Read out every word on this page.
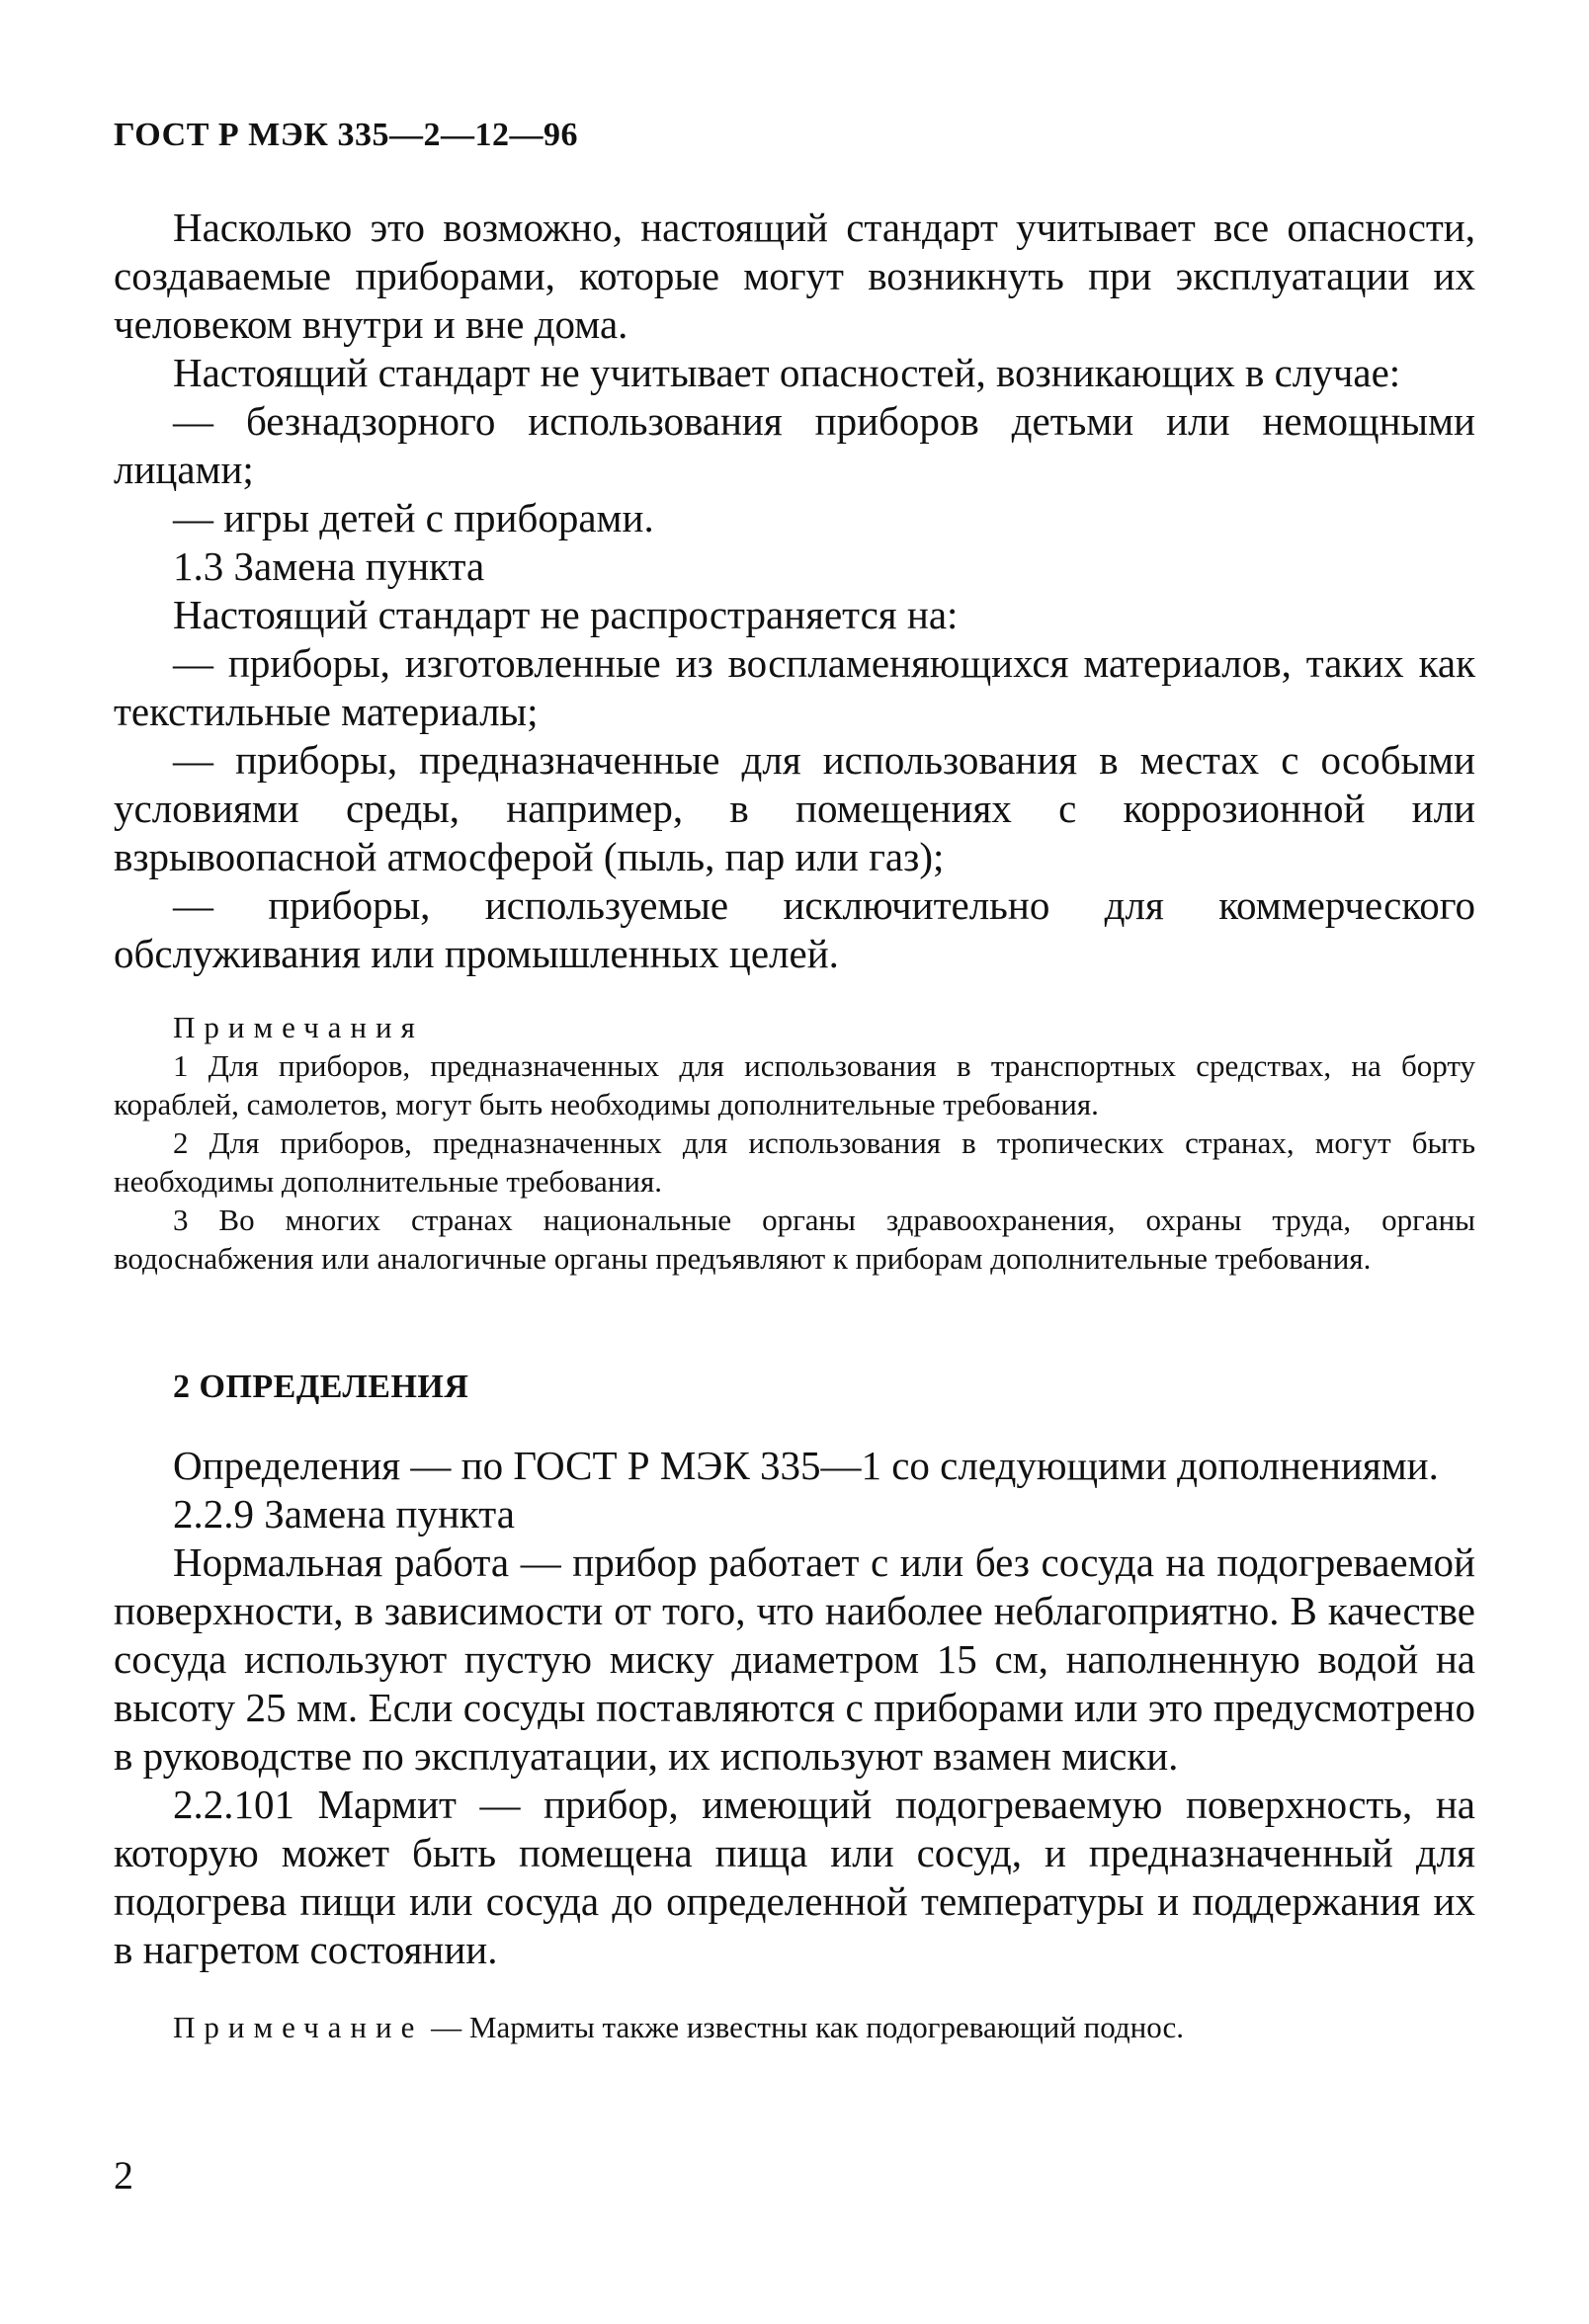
ГОСТ Р МЭК 335—2—12—96

Насколько это возможно, настоящий стандарт учитывает все опасности, создаваемые приборами, которые могут возникнуть при эксплуатации их человеком внутри и вне дома.

Настоящий стандарт не учитывает опасностей, возникающих в случае:

— безнадзорного использования приборов детьми или немощными лицами;

— игры детей с приборами.

1.3 Замена пункта

Настоящий стандарт не распространяется на:

— приборы, изготовленные из воспламеняющихся материалов, таких как текстильные материалы;

— приборы, предназначенные для использования в местах с особыми условиями среды, например, в помещениях с коррозионной или взрывоопасной атмосферой (пыль, пар или газ);

— приборы, используемые исключительно для коммерческого обслуживания или промышленных целей.

Примечания

1 Для приборов, предназначенных для использования в транспортных средствах, на борту кораблей, самолетов, могут быть необходимы дополнительные требования.

2 Для приборов, предназначенных для использования в тропических странах, могут быть необходимы дополнительные требования.

3 Во многих странах национальные органы здравоохранения, охраны труда, органы водоснабжения или аналогичные органы предъявляют к приборам дополнительные требования.

2 ОПРЕДЕЛЕНИЯ

Определения — по ГОСТ Р МЭК 335—1 со следующими дополнениями.

2.2.9 Замена пункта

Нормальная работа — прибор работает с или без сосуда на подогреваемой поверхности, в зависимости от того, что наиболее неблагоприятно. В качестве сосуда используют пустую миску диаметром 15 см, наполненную водой на высоту 25 мм. Если сосуды поставляются с приборами или это предусмотрено в руководстве по эксплуатации, их используют взамен миски.

2.2.101 Мармит — прибор, имеющий подогреваемую поверхность, на которую может быть помещена пища или сосуд, и предназначенный для подогрева пищи или сосуда до определенной температуры и поддержания их в нагретом состоянии.

Примечание — Мармиты также известны как подогревающий поднос.

2
